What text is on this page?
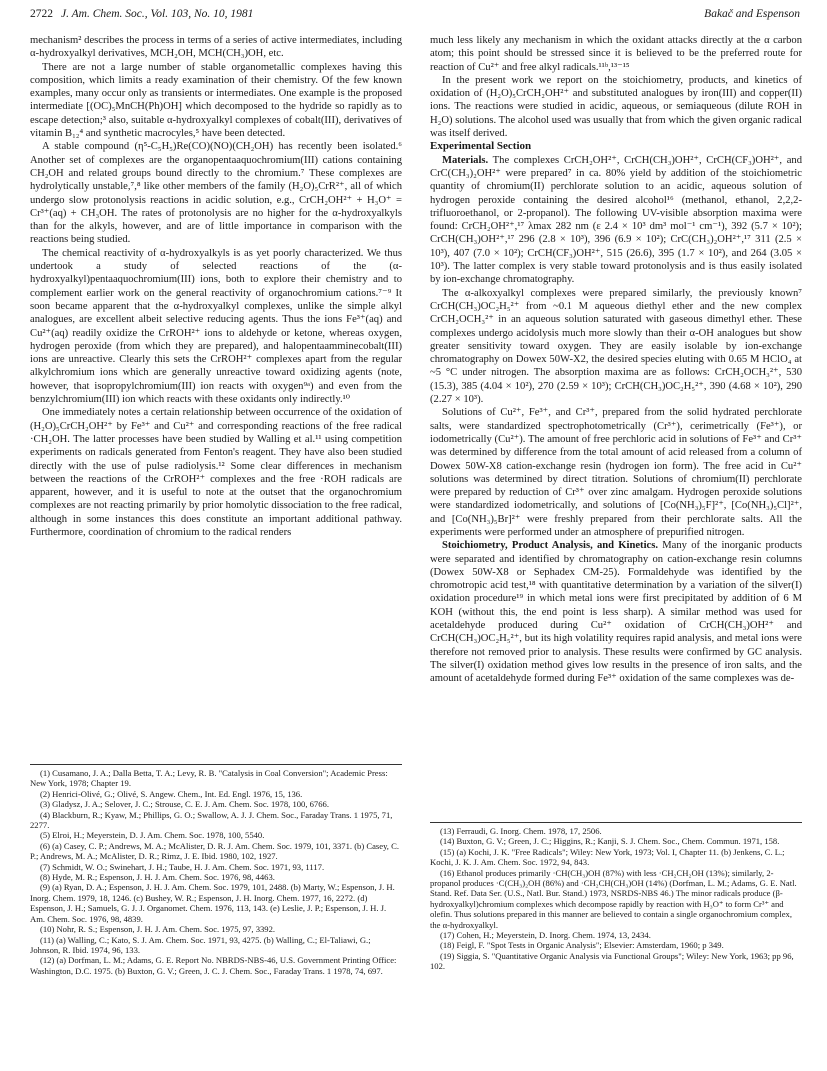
2722 J. Am. Chem. Soc., Vol. 103, No. 10, 1981	Bakač and Espenson

mechanism² describes the process in terms of a series of active intermediates, including α-hydroxyalkyl derivatives, MCH₂OH, MCH(CH₃)OH, etc.

There are not a large number of stable organometallic complexes having this composition, which limits a ready examination of their chemistry. Of the few known examples, many occur only as transients or intermediates. One example is the proposed intermediate [(OC)₅MnCH(Ph)OH] which decomposed to the hydride so rapidly as to escape detection;³ also, suitable α-hydroxyalkyl complexes of cobalt(III), derivatives of vitamin B₁₂⁴ and synthetic macrocyles,⁵ have been detected.

A stable compound (η⁵-C₅H₅)Re(CO)(NO)(CH₂OH) has recently been isolated.⁶ Another set of complexes are the organopentaaquochromium(III) cations containing CH₂OH and related groups bound directly to the chromium.⁷ These complexes are hydrolytically unstable,⁷,⁸ like other members of the family (H₂O)₅CrR²⁺, all of which undergo slow protonolysis reactions in acidic solution, e.g., CrCH₂OH²⁺ + H₃O⁺ = Cr³⁺(aq) + CH₃OH. The rates of protonolysis are no higher for the α-hydroxyalkyls than for the alkyls, however, and are of little importance in comparison with the reactions being studied.

The chemical reactivity of α-hydroxyalkyls is as yet poorly characterized. We thus undertook a study of selected reactions of the (α-hydroxyalkyl)pentaaquochromium(III) ions, both to explore their chemistry and to complement earlier work on the general reactivity of organochromium cations.⁷⁻⁹ It soon became apparent that the α-hydroxyalkyl complexes, unlike the simple alkyl analogues, are excellent albeit selective reducing agents. Thus the ions Fe³⁺(aq) and Cu²⁺(aq) readily oxidize the CrROH²⁺ ions to aldehyde or ketone, whereas oxygen, hydrogen peroxide (from which they are prepared), and halopentaamminecobalt(III) ions are unreactive. Clearly this sets the CrROH²⁺ complexes apart from the regular alkylchromium ions which are generally unreactive toward oxidizing agents (note, however, that isopropylchromium(III) ion reacts with oxygen⁹ᵃ) and even from the benzylchromium(III) ion which reacts with these oxidants only indirectly.¹⁰

One immediately notes a certain relationship between occurrence of the oxidation of (H₂O)₅CrCH₂OH²⁺ by Fe³⁺ and Cu²⁺ and corresponding reactions of the free radical ·CH₂OH. The latter processes have been studied by Walling et al.¹¹ using competition experiments on radicals generated from Fenton's reagent. They have also been studied directly with the use of pulse radiolysis.¹² Some clear differences in mechanism between the reactions of the CrROH²⁺ complexes and the free ·ROH radicals are apparent, however, and it is useful to note at the outset that the organochromium complexes are not reacting primarily by prior homolytic dissociation to the free radical, although in some instances this does constitute an important additional pathway. Furthermore, coordination of chromium to the radical renders

(1) Cusamano, J. A.; Dalla Betta, T. A.; Levy, R. B. "Catalysis in Coal Conversion"; Academic Press: New York, 1978; Chapter 19.
(2) Henrici-Olivé, G.; Olivé, S. Angew. Chem., Int. Ed. Engl. 1976, 15, 136.
(3) Gladysz, J. A.; Selover, J. C.; Strouse, C. E. J. Am. Chem. Soc. 1978, 100, 6766.
(4) Blackburn, R.; Kyaw, M.; Phillips, G. O.; Swallow, A. J. J. Chem. Soc., Faraday Trans. 1 1975, 71, 2277.
(5) Elroi, H.; Meyerstein, D. J. Am. Chem. Soc. 1978, 100, 5540.
(6) (a) Casey, C. P.; Andrews, M. A.; McAlister, D. R. J. Am. Chem. Soc. 1979, 101, 3371. (b) Casey, C. P.; Andrews, M. A.; McAlister, D. R.; Rimz, J. E. Ibid. 1980, 102, 1927.
(7) Schmidt, W. O.; Swinehart, J. H.; Taube, H. J. Am. Chem. Soc. 1971, 93, 1117.
(8) Hyde, M. R.; Espenson, J. H. J. Am. Chem. Soc. 1976, 98, 4463.
(9) (a) Ryan, D. A.; Espenson, J. H. J. Am. Chem. Soc. 1979, 101, 2488. (b) Marty, W.; Espenson, J. H. Inorg. Chem. 1979, 18, 1246. (c) Bushey, W. R.; Espenson, J. H. Inorg. Chem. 1977, 16, 2272. (d) Espenson, J. H.; Samuels, G. J. J. Organomet. Chem. 1976, 113, 143. (e) Leslie, J. P.; Espenson, J. H. J. Am. Chem. Soc. 1976, 98, 4839.
(10) Nohr, R. S.; Espenson, J. H. J. Am. Chem. Soc. 1975, 97, 3392.
(11) (a) Walling, C.; Kato, S. J. Am. Chem. Soc. 1971, 93, 4275. (b) Walling, C.; El-Taliawi, G.; Johnson, R. Ibid. 1974, 96, 133.
(12) (a) Dorfman, L. M.; Adams, G. E. Report No. NBRDS-NBS-46, U.S. Government Printing Office: Washington, D.C. 1975. (b) Buxton, G. V.; Green, J. C. J. Chem. Soc., Faraday Trans. 1 1978, 74, 697.

much less likely any mechanism in which the oxidant attacks directly at the α carbon atom; this point should be stressed since it is believed to be the preferred route for reaction of Cu²⁺ and free alkyl radicals.¹¹ᵇ,¹³⁻¹⁵

In the present work we report on the stoichiometry, products, and kinetics of oxidation of (H₂O)₅CrCH₂OH²⁺ and substituted analogues by iron(III) and copper(II) ions. The reactions were studied in acidic, aqueous, or semiaqueous (dilute ROH in H₂O) solutions. The alcohol used was usually that from which the given organic radical was itself derived.

Experimental Section

Materials. The complexes CrCH₂OH²⁺, CrCH(CH₃)OH²⁺, CrCH(CF₃)OH²⁺, and CrC(CH₃)₂OH²⁺ were prepared⁷ in ca. 80% yield by addition of the stoichiometric quantity of chromium(II) perchlorate solution to an acidic, aqueous solution of hydrogen peroxide containing the desired alcohol¹⁶ (methanol, ethanol, 2,2,2-trifluoroethanol, or 2-propanol). The following UV-visible absorption maxima were found: CrCH₂OH²⁺,¹⁷ λmax 282 nm (ε 2.4 × 10³ dm³ mol⁻¹ cm⁻¹), 392 (5.7 × 10²); CrCH(CH₃)OH²⁺,¹⁷ 296 (2.8 × 10³), 396 (6.9 × 10²); CrC(CH₃)₂OH²⁺,¹⁷ 311 (2.5 × 10³), 407 (7.0 × 10²); CrCH(CF₃)OH²⁺, 515 (26.6), 395 (1.7 × 10²), and 264 (3.05 × 10³). The latter complex is very stable toward protonolysis and is thus easily isolated by ion-exchange chromatography.

The α-alkoxyalkyl complexes were prepared similarly, the previously known⁷ CrCH(CH₃)OC₂H₅²⁺ from ~0.1 M aqueous diethyl ether and the new complex CrCH₂OCH₃²⁺ in an aqueous solution saturated with gaseous dimethyl ether. These complexes undergo acidolysis much more slowly than their α-OH analogues but show greater sensitivity toward oxygen. They are easily isolable by ion-exchange chromatography on Dowex 50W-X2, the desired species eluting with 0.65 M HClO₄ at ~5 °C under nitrogen. The absorption maxima are as follows: CrCH₂OCH₃²⁺, 530 (15.3), 385 (4.04 × 10²), 270 (2.59 × 10³); CrCH(CH₃)OC₂H₅²⁺, 390 (4.68 × 10²), 290 (2.27 × 10³).

Solutions of Cu²⁺, Fe³⁺, and Cr³⁺, prepared from the solid hydrated perchlorate salts, were standardized spectrophotometrically (Cr³⁺), cerimetrically (Fe³⁺), or iodometrically (Cu²⁺). The amount of free perchloric acid in solutions of Fe³⁺ and Cr³⁺ was determined by difference from the total amount of acid released from a column of Dowex 50W-X8 cation-exchange resin (hydrogen ion form). The free acid in Cu²⁺ solutions was determined by direct titration. Solutions of chromium(II) perchlorate were prepared by reduction of Cr³⁺ over zinc amalgam. Hydrogen peroxide solutions were standardized iodometrically, and solutions of [Co(NH₃)₅F]²⁺, [Co(NH₃)₅Cl]²⁺, and [Co(NH₃)₅Br]²⁺ were freshly prepared from their perchlorate salts. All the experiments were performed under an atmosphere of prepurified nitrogen.

Stoichiometry, Product Analysis, and Kinetics. Many of the inorganic products were separated and identified by chromatography on cation-exchange resin columns (Dowex 50W-X8 or Sephadex CM-25). Formaldehyde was identified by the chromotropic acid test,¹⁸ with quantitative determination by a variation of the silver(I) oxidation procedure¹⁹ in which metal ions were first precipitated by addition of 6 M KOH (without this, the end point is less sharp). A similar method was used for acetaldehyde produced during Cu²⁺ oxidation of CrCH(CH₃)OH²⁺ and CrCH(CH₃)OC₂H₅²⁺, but its high volatility requires rapid analysis, and metal ions were therefore not removed prior to analysis. These results were confirmed by GC analysis. The silver(I) oxidation method gives low results in the presence of iron salts, and the amount of acetaldehyde formed during Fe³⁺ oxidation of the same complexes was de-

(13) Ferraudi, G. Inorg. Chem. 1978, 17, 2506.
(14) Buxton, G. V.; Green, J. C.; Higgins, R.; Kanji, S. J. Chem. Soc., Chem. Commun. 1971, 158.
(15) (a) Kochi, J. K. "Free Radicals"; Wiley: New York, 1973; Vol. I, Chapter 11. (b) Jenkens, C. L.; Kochi, J. K. J. Am. Chem. Soc. 1972, 94, 843.
(16) Ethanol produces primarily ·CH(CH₃)OH (87%) with less ·CH₂CH₂OH (13%); similarly, 2-propanol produces ·C(CH₃)₂OH (86%) and ·CH₂CH(CH₃)OH (14%) (Dorfman, L. M.; Adams, G. E. Natl. Stand. Ref. Data Ser. (U.S., Natl. Bur. Stand.) 1973, NSRDS-NBS 46.) The minor radicals produce (β-hydroxyalkyl)chromium complexes which decompose rapidly by reaction with H₃O⁺ to form Cr³⁺ and olefin. Thus solutions prepared in this manner are believed to contain a single organochromium complex, the α-hydroxyalkyl.
(17) Cohen, H.; Meyerstein, D. Inorg. Chem. 1974, 13, 2434.
(18) Feigl, F. "Spot Tests in Organic Analysis"; Elsevier: Amsterdam, 1960; p 349.
(19) Siggia, S. "Quantitative Organic Analysis via Functional Groups"; Wiley: New York, 1963; pp 96, 102.
